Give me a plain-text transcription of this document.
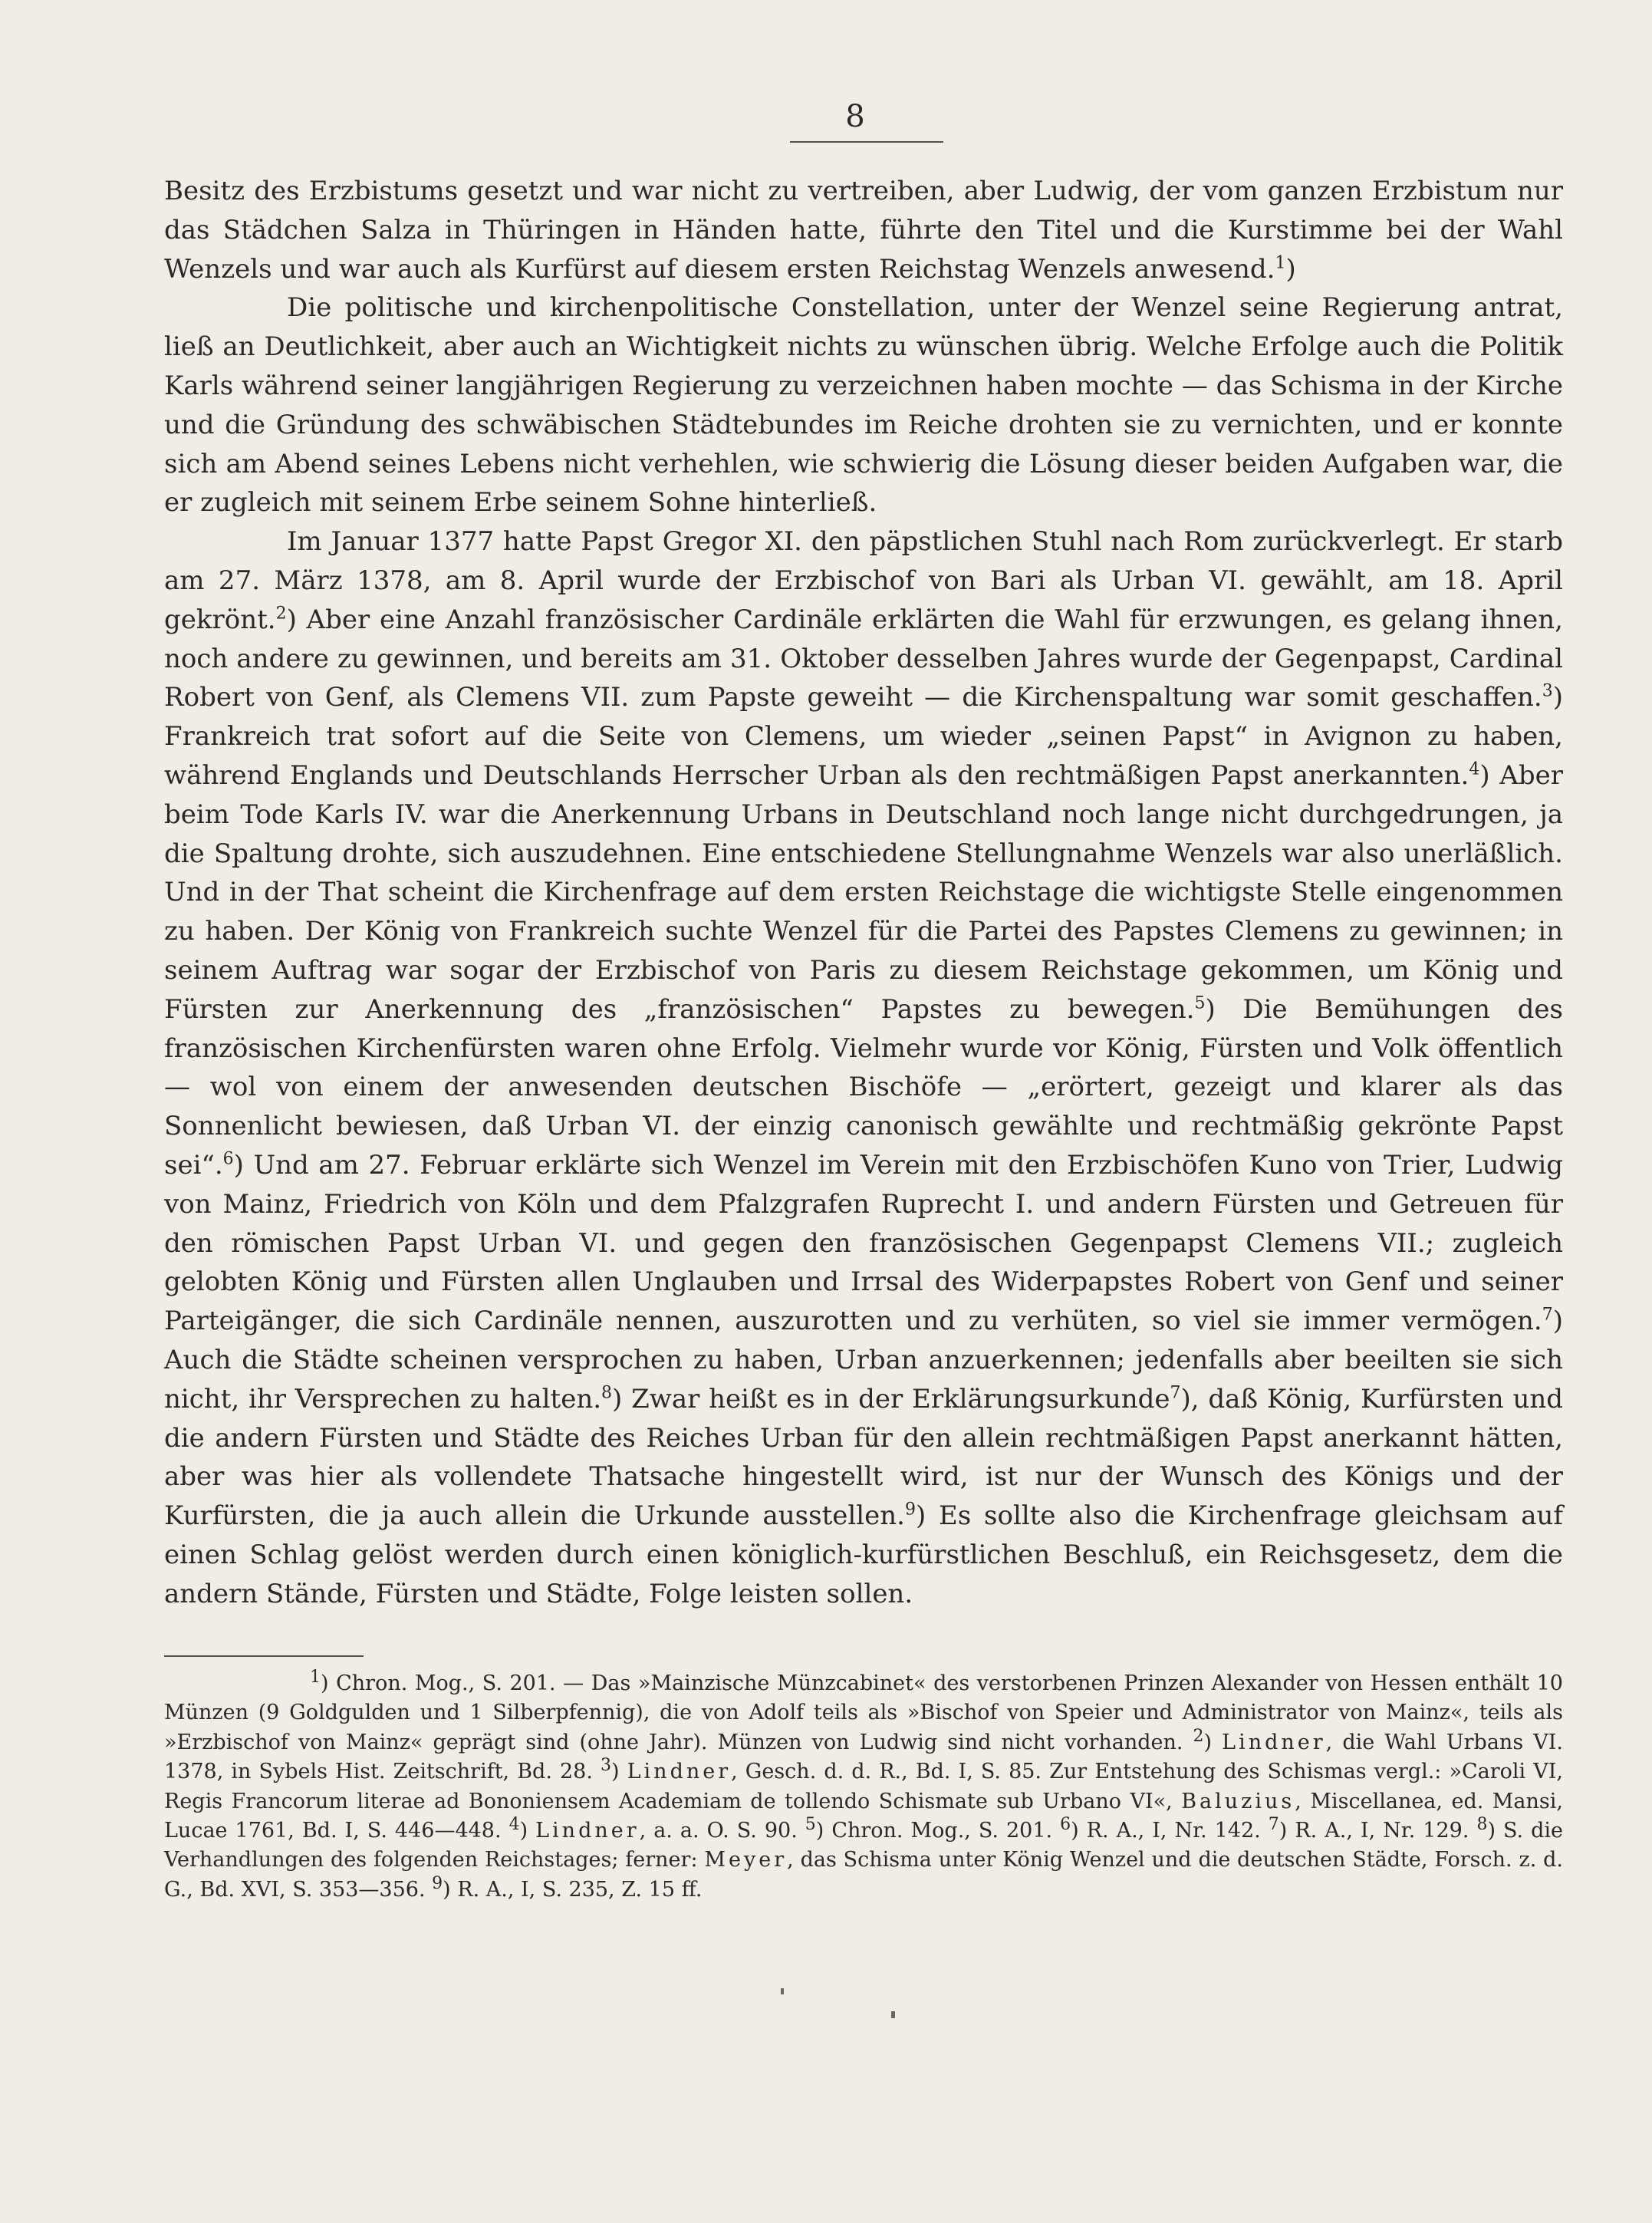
8

Besitz des Erzbistums gesetzt und war nicht zu vertreiben, aber Ludwig, der vom ganzen Erzbistum nur das Städchen Salza in Thüringen in Händen hatte, führte den Titel und die Kurstimme bei der Wahl Wenzels und war auch als Kurfürst auf diesem ersten Reichstag Wenzels anwesend.$^1$)

Die politische und kirchenpolitische Constellation, unter der Wenzel seine Regierung antrat, ließ an Deutlichkeit, aber auch an Wichtigkeit nichts zu wünschen übrig. Welche Erfolge auch die Politik Karls während seiner langjährigen Regierung zu verzeichnen haben mochte — das Schisma in der Kirche und die Gründung des schwäbischen Städtebundes im Reiche drohten sie zu vernichten, und er konnte sich am Abend seines Lebens nicht verhehlen, wie schwierig die Lösung dieser beiden Aufgaben war, die er zugleich mit seinem Erbe seinem Sohne hinterließ.

Im Januar 1377 hatte Papst Gregor XI. den päpstlichen Stuhl nach Rom zurückverlegt. Er starb am 27. März 1378, am 8. April wurde der Erzbischof von Bari als Urban VI. gewählt, am 18. April gekrönt.$^2$) Aber eine Anzahl französischer Cardinäle erklärten die Wahl für erzwungen, es gelang ihnen, noch andere zu gewinnen, und bereits am 31. Oktober desselben Jahres wurde der Gegenpapst, Cardinal Robert von Genf, als Clemens VII. zum Papste geweiht — die Kirchenspaltung war somit geschaffen.$^3$) Frankreich trat sofort auf die Seite von Clemens, um wieder „seinen Papst“ in Avignon zu haben, während Englands und Deutschlands Herrscher Urban als den rechtmäßigen Papst anerkannten.$^4$) Aber beim Tode Karls IV. war die Anerkennung Urbans in Deutschland noch lange nicht durchgedrungen, ja die Spaltung drohte, sich auszudehnen. Eine entschiedene Stellungnahme Wenzels war also unerläßlich. Und in der That scheint die Kirchenfrage auf dem ersten Reichstage die wichtigste Stelle eingenommen zu haben. Der König von Frankreich suchte Wenzel für die Partei des Papstes Clemens zu gewinnen; in seinem Auftrag war sogar der Erzbischof von Paris zu diesem Reichstage gekommen, um König und Fürsten zur Anerkennung des „französischen“ Papstes zu bewegen.$^5$) Die Bemühungen des französischen Kirchenfürsten waren ohne Erfolg. Vielmehr wurde vor König, Fürsten und Volk öffentlich — wol von einem der anwesenden deutschen Bischöfe — „erörtert, gezeigt und klarer als das Sonnenlicht bewiesen, daß Urban VI. der einzig canonisch gewählte und rechtmäßig gekrönte Papst sei“.$^6$) Und am 27. Februar erklärte sich Wenzel im Verein mit den Erzbischöfen Kuno von Trier, Ludwig von Mainz, Friedrich von Köln und dem Pfalzgrafen Ruprecht I. und andern Fürsten und Getreuen für den römischen Papst Urban VI. und gegen den französischen Gegenpapst Clemens VII.; zugleich gelobten König und Fürsten allen Unglauben und Irrsal des Widerpapstes Robert von Genf und seiner Parteigänger, die sich Cardinäle nennen, auszurotten und zu verhüten, so viel sie immer vermögen.$^7$) Auch die Städte scheinen versprochen zu haben, Urban anzuerkennen; jedenfalls aber beeilten sie sich nicht, ihr Versprechen zu halten.$^8$) Zwar heißt es in der Erklärungsurkunde$^7$), daß König, Kurfürsten und die andern Fürsten und Städte des Reiches Urban für den allein rechtmäßigen Papst anerkannt hätten, aber was hier als vollendete Thatsache hingestellt wird, ist nur der Wunsch des Königs und der Kurfürsten, die ja auch allein die Urkunde ausstellen.$^9$) Es sollte also die Kirchenfrage gleichsam auf einen Schlag gelöst werden durch einen königlich-kurfürstlichen Beschluß, ein Reichsgesetz, dem die andern Stände, Fürsten und Städte, Folge leisten sollen.

$^1$) Chron. Mog., S. 201. — Das »Mainzische Münzcabinet« des verstorbenen Prinzen Alexander von Hessen enthält 10 Münzen (9 Goldgulden und 1 Silberpfennig), die von Adolf teils als »Bischof von Speier und Administrator von Mainz«, teils als »Erzbischof von Mainz« geprägt sind (ohne Jahr). Münzen von Ludwig sind nicht vorhanden. $^2$) Lindner, die Wahl Urbans VI. 1378, in Sybels Hist. Zeitschrift, Bd. 28. $^3$) Lindner, Gesch. d. d. R., Bd. I, S. 85. Zur Entstehung des Schismas vergl.: »Caroli VI, Regis Francorum literae ad Bononiensem Academiam de tollendo Schismate sub Urbano VI«, Baluzius, Miscellanea, ed. Mansi, Lucae 1761, Bd. I, S. 446—448. $^4$) Lindner, a. a. O. S. 90. $^5$) Chron. Mog., S. 201. $^6$) R. A., I, Nr. 142. $^7$) R. A., I, Nr. 129. $^8$) S. die Verhandlungen des folgenden Reichstages; ferner: Meyer, das Schisma unter König Wenzel und die deutschen Städte, Forsch. z. d. G., Bd. XVI, S. 353—356. $^9$) R. A., I, S. 235, Z. 15 ff.
